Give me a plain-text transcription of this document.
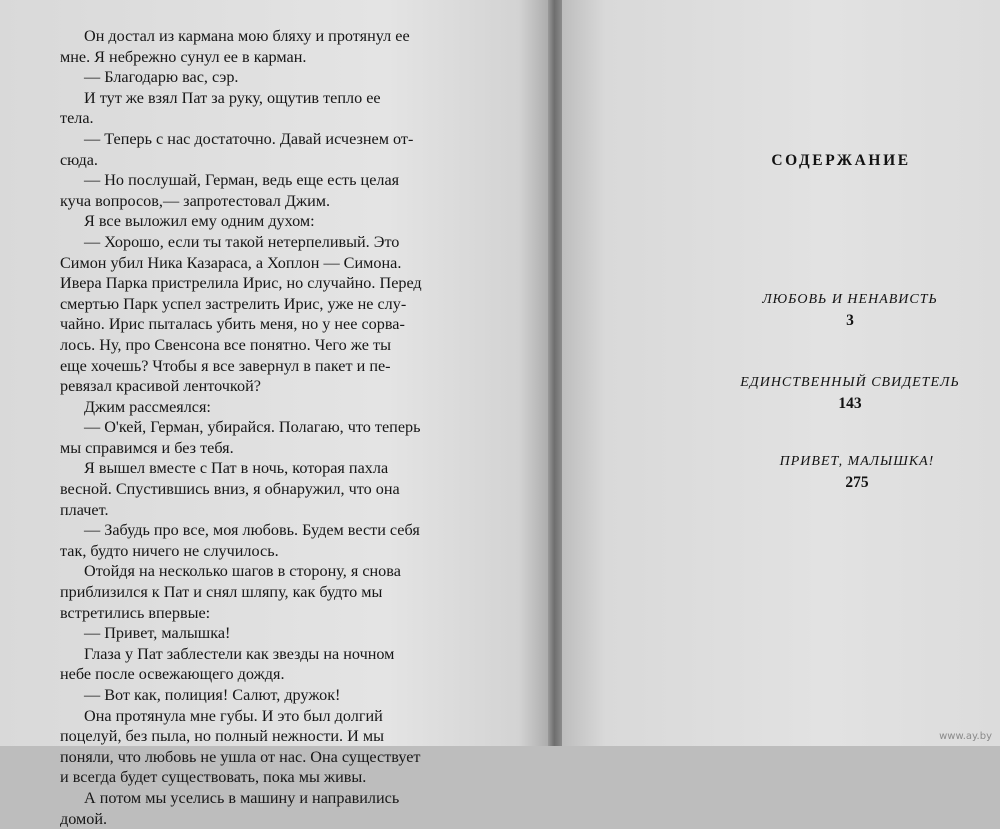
Он достал из кармана мою бляху и протянул ее

мне. Я небрежно сунул ее в карман.

— Благодарю вас, сэр.

И тут же взял Пат за руку, ощутив тепло ее

тела.

— Теперь с нас достаточно. Давай исчезнем от-

сюда.

— Но послушай, Герман, ведь еще есть целая

куча вопросов,— запротестовал Джим.

Я все выложил ему одним духом:

— Хорошо, если ты такой нетерпеливый. Это

Симон убил Ника Казараса, а Хоплон — Симона.

Ивера Парка пристрелила Ирис, но случайно. Перед

смертью Парк успел застрелить Ирис, уже не слу-

чайно. Ирис пыталась убить меня, но у нее сорва-

лось. Ну, про Свенсона все понятно. Чего же ты

еще хочешь? Чтобы я все завернул в пакет и пе-

ревязал красивой ленточкой?

Джим рассмеялся:

— О'кей, Герман, убирайся. Полагаю, что теперь

мы справимся и без тебя.

Я вышел вместе с Пат в ночь, которая пахла

весной. Спустившись вниз, я обнаружил, что она

плачет.

— Забудь про все, моя любовь. Будем вести себя

так, будто ничего не случилось.

Отойдя на несколько шагов в сторону, я снова

приблизился к Пат и снял шляпу, как будто мы

встретились впервые:

— Привет, малышка!

Глаза у Пат заблестели как звезды на ночном

небе после освежающего дождя.

— Вот как, полиция! Салют, дружок!

Она протянула мне губы. И это был долгий

поцелуй, без пыла, но полный нежности. И мы

поняли, что любовь не ушла от нас. Она существует

и всегда будет существовать, пока мы живы.

А потом мы уселись в машину и направились

домой.

СОДЕРЖАНИЕ
ЛЮБОВЬ И НЕНАВИСТЬ
3
ЕДИНСТВЕННЫЙ СВИДЕТЕЛЬ
143
ПРИВЕТ, МАЛЫШКА!
275
www.ay.by
